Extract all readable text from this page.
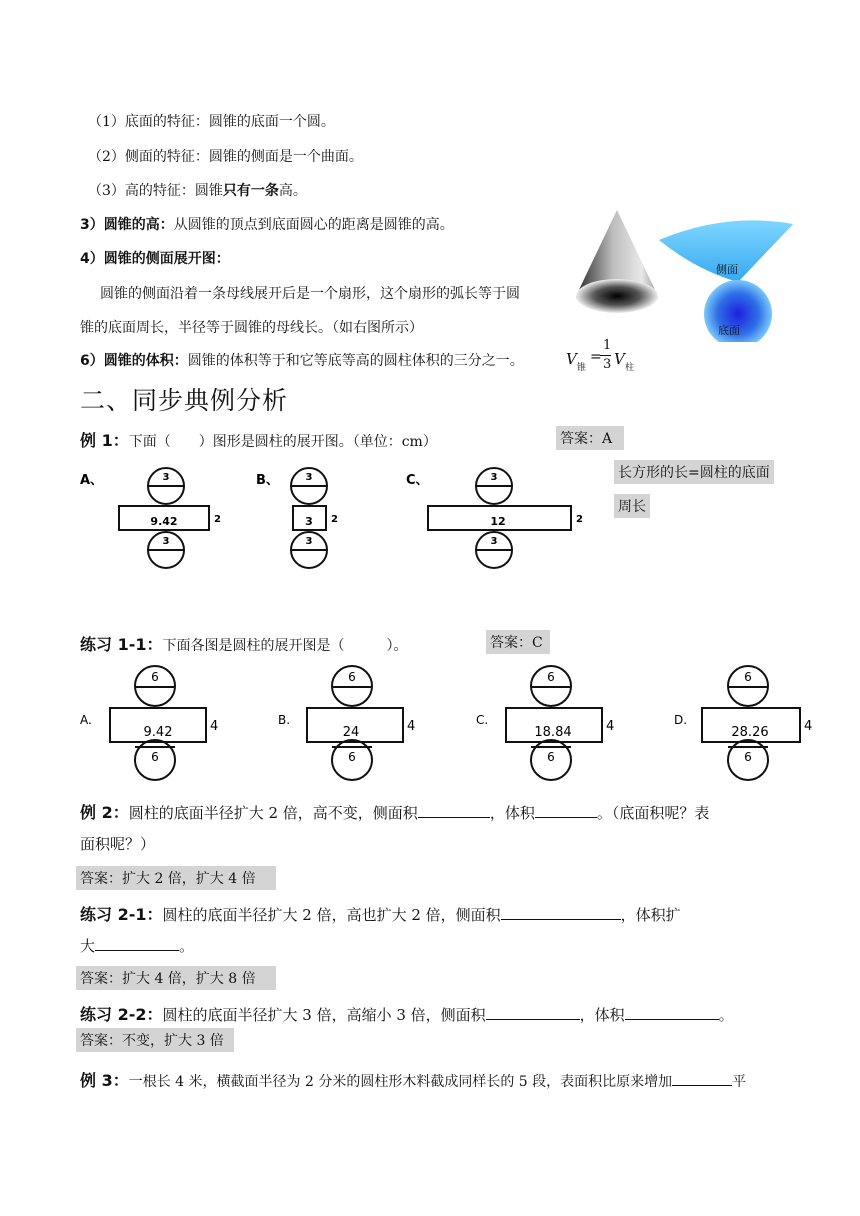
（1）底面的特征：圆锥的底面一个圆。
（2）侧面的特征：圆锥的侧面是一个曲面。
（3）高的特征：圆锥只有一条高。
3）圆锥的高：从圆锥的顶点到底面圆心的距离是圆锥的高。
4）圆锥的侧面展开图：
圆锥的侧面沿着一条母线展开后是一个扇形，这个扇形的弧长等于圆
锥的底面周长，半径等于圆锥的母线长。（如右图所示）
6）圆锥的体积：圆锥的体积等于和它等底等高的圆柱体积的三分之一。	V 锥
=
1
3 V 柱
侧面
底面
二、同步典例分析
例 1：下面（　　）图形是圆柱的展开图。（单位：cm）	答案：A
长方形的长=圆柱的底面
周长
A、	3
9.42	2
3
B、	3
3 2
3
C、	3
12	2
3
练习 1-1：下面各图是圆柱的展开图是（　　　）。	答案：C
A.
6
9.42	4
6
B.
6
24	4
6
C.
6
18.84	4
6
D.
6
28.26	4
6
例 2：圆柱的底面半径扩大 2 倍，高不变，侧面积	，体积	。（底面积呢？表
面积呢？）
答案：扩大 2 倍，扩大 4 倍
练习 2-1：圆柱的底面半径扩大 2 倍，高也扩大 2 倍，侧面积	，体积扩
大	。
答案：扩大 4 倍，扩大 8 倍
练习 2-2：圆柱的底面半径扩大 3 倍，高缩小 3 倍，侧面积	，体积	。
答案：不变，扩大 3 倍
例 3：一根长 4 米，横截面半径为 2 分米的圆柱形木料截成同样长的 5 段，表面积比原来增加	平
